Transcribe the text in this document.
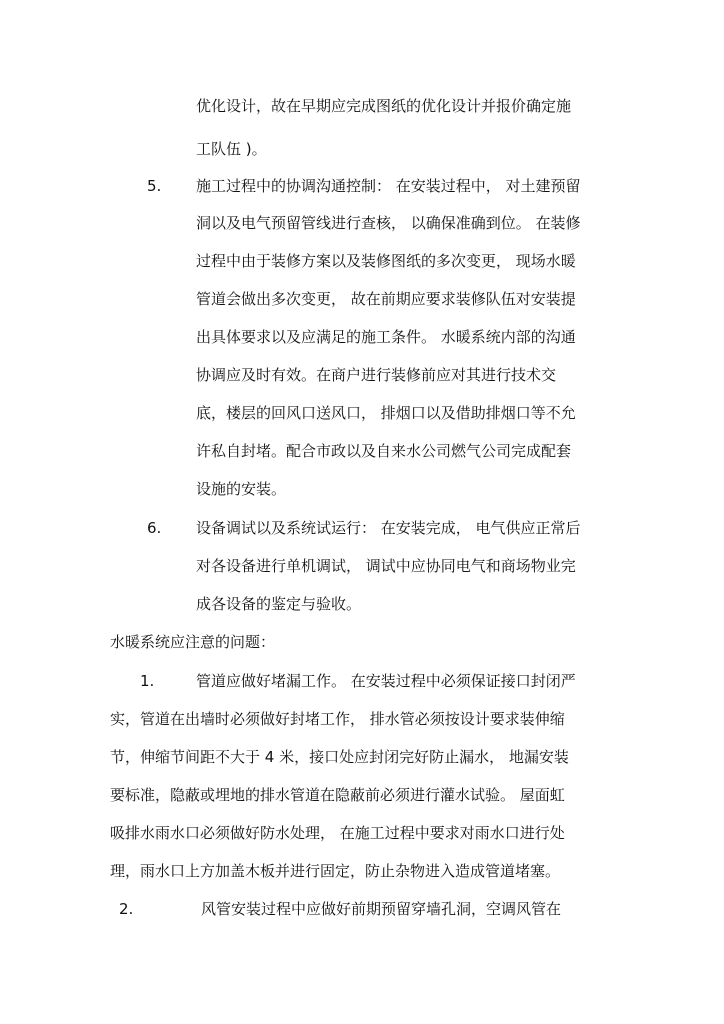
优化设计，故在早期应完成图纸的优化设计并报价确定施
工队伍 )。
5. 施工过程中的协调沟通控制： 在安装过程中， 对土建预留
洞以及电气预留管线进行查核， 以确保准确到位。 在装修
过程中由于装修方案以及装修图纸的多次变更， 现场水暖
管道会做出多次变更， 故在前期应要求装修队伍对安装提
出具体要求以及应满足的施工条件。 水暖系统内部的沟通
协调应及时有效。在商户进行装修前应对其进行技术交
底，楼层的回风口送风口， 排烟口以及借助排烟口等不允
许私自封堵。配合市政以及自来水公司燃气公司完成配套
设施的安装。
6. 设备调试以及系统试运行： 在安装完成， 电气供应正常后
对各设备进行单机调试， 调试中应协同电气和商场物业完
成各设备的鉴定与验收。
水暖系统应注意的问题：
1.	管道应做好堵漏工作。 在安装过程中必须保证接口封闭严
实，管道在出墙时必须做好封堵工作， 排水管必须按设计要求装伸缩
节，伸缩节间距不大于 4 米，接口处应封闭完好防止漏水， 地漏安装
要标准，隐蔽或埋地的排水管道在隐蔽前必须进行灌水试验。 屋面虹
吸排水雨水口必须做好防水处理， 在施工过程中要求对雨水口进行处
理，雨水口上方加盖木板并进行固定，防止杂物进入造成管道堵塞。
2.	风管安装过程中应做好前期预留穿墙孔洞，空调风管在
